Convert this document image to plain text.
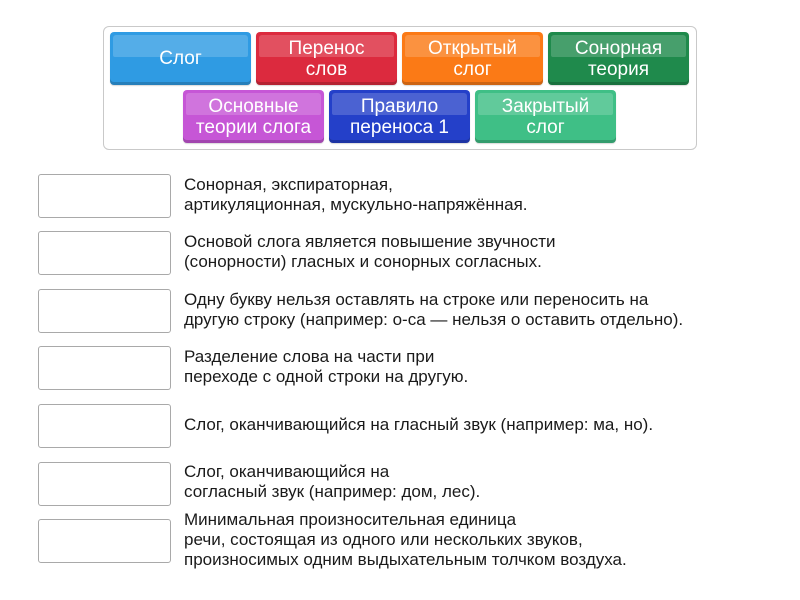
Слог	Перенос
слов
Открытый
слог
Сонорная
теория
Основные
теории слога
Правило
переноса 1
Закрытый
слог
Сонорная, экспираторная,
артикуляционная, мускульно-напряжённая.
Основой слога является повышение звучности
(сонорности) гласных и сонорных согласных.
Одну букву нельзя оставлять на строке или переносить на
другую строку (например: о-са — нельзя о оставить отдельно).
Разделение слова на части при
переходе с одной строки на другую.
Слог, оканчивающийся на гласный звук (например: ма, но).
Слог, оканчивающийся на
согласный звук (например: дом, лес).
Минимальная произносительная единица
речи, состоящая из одного или нескольких звуков,
произносимых одним выдыхательным толчком воздуха.
